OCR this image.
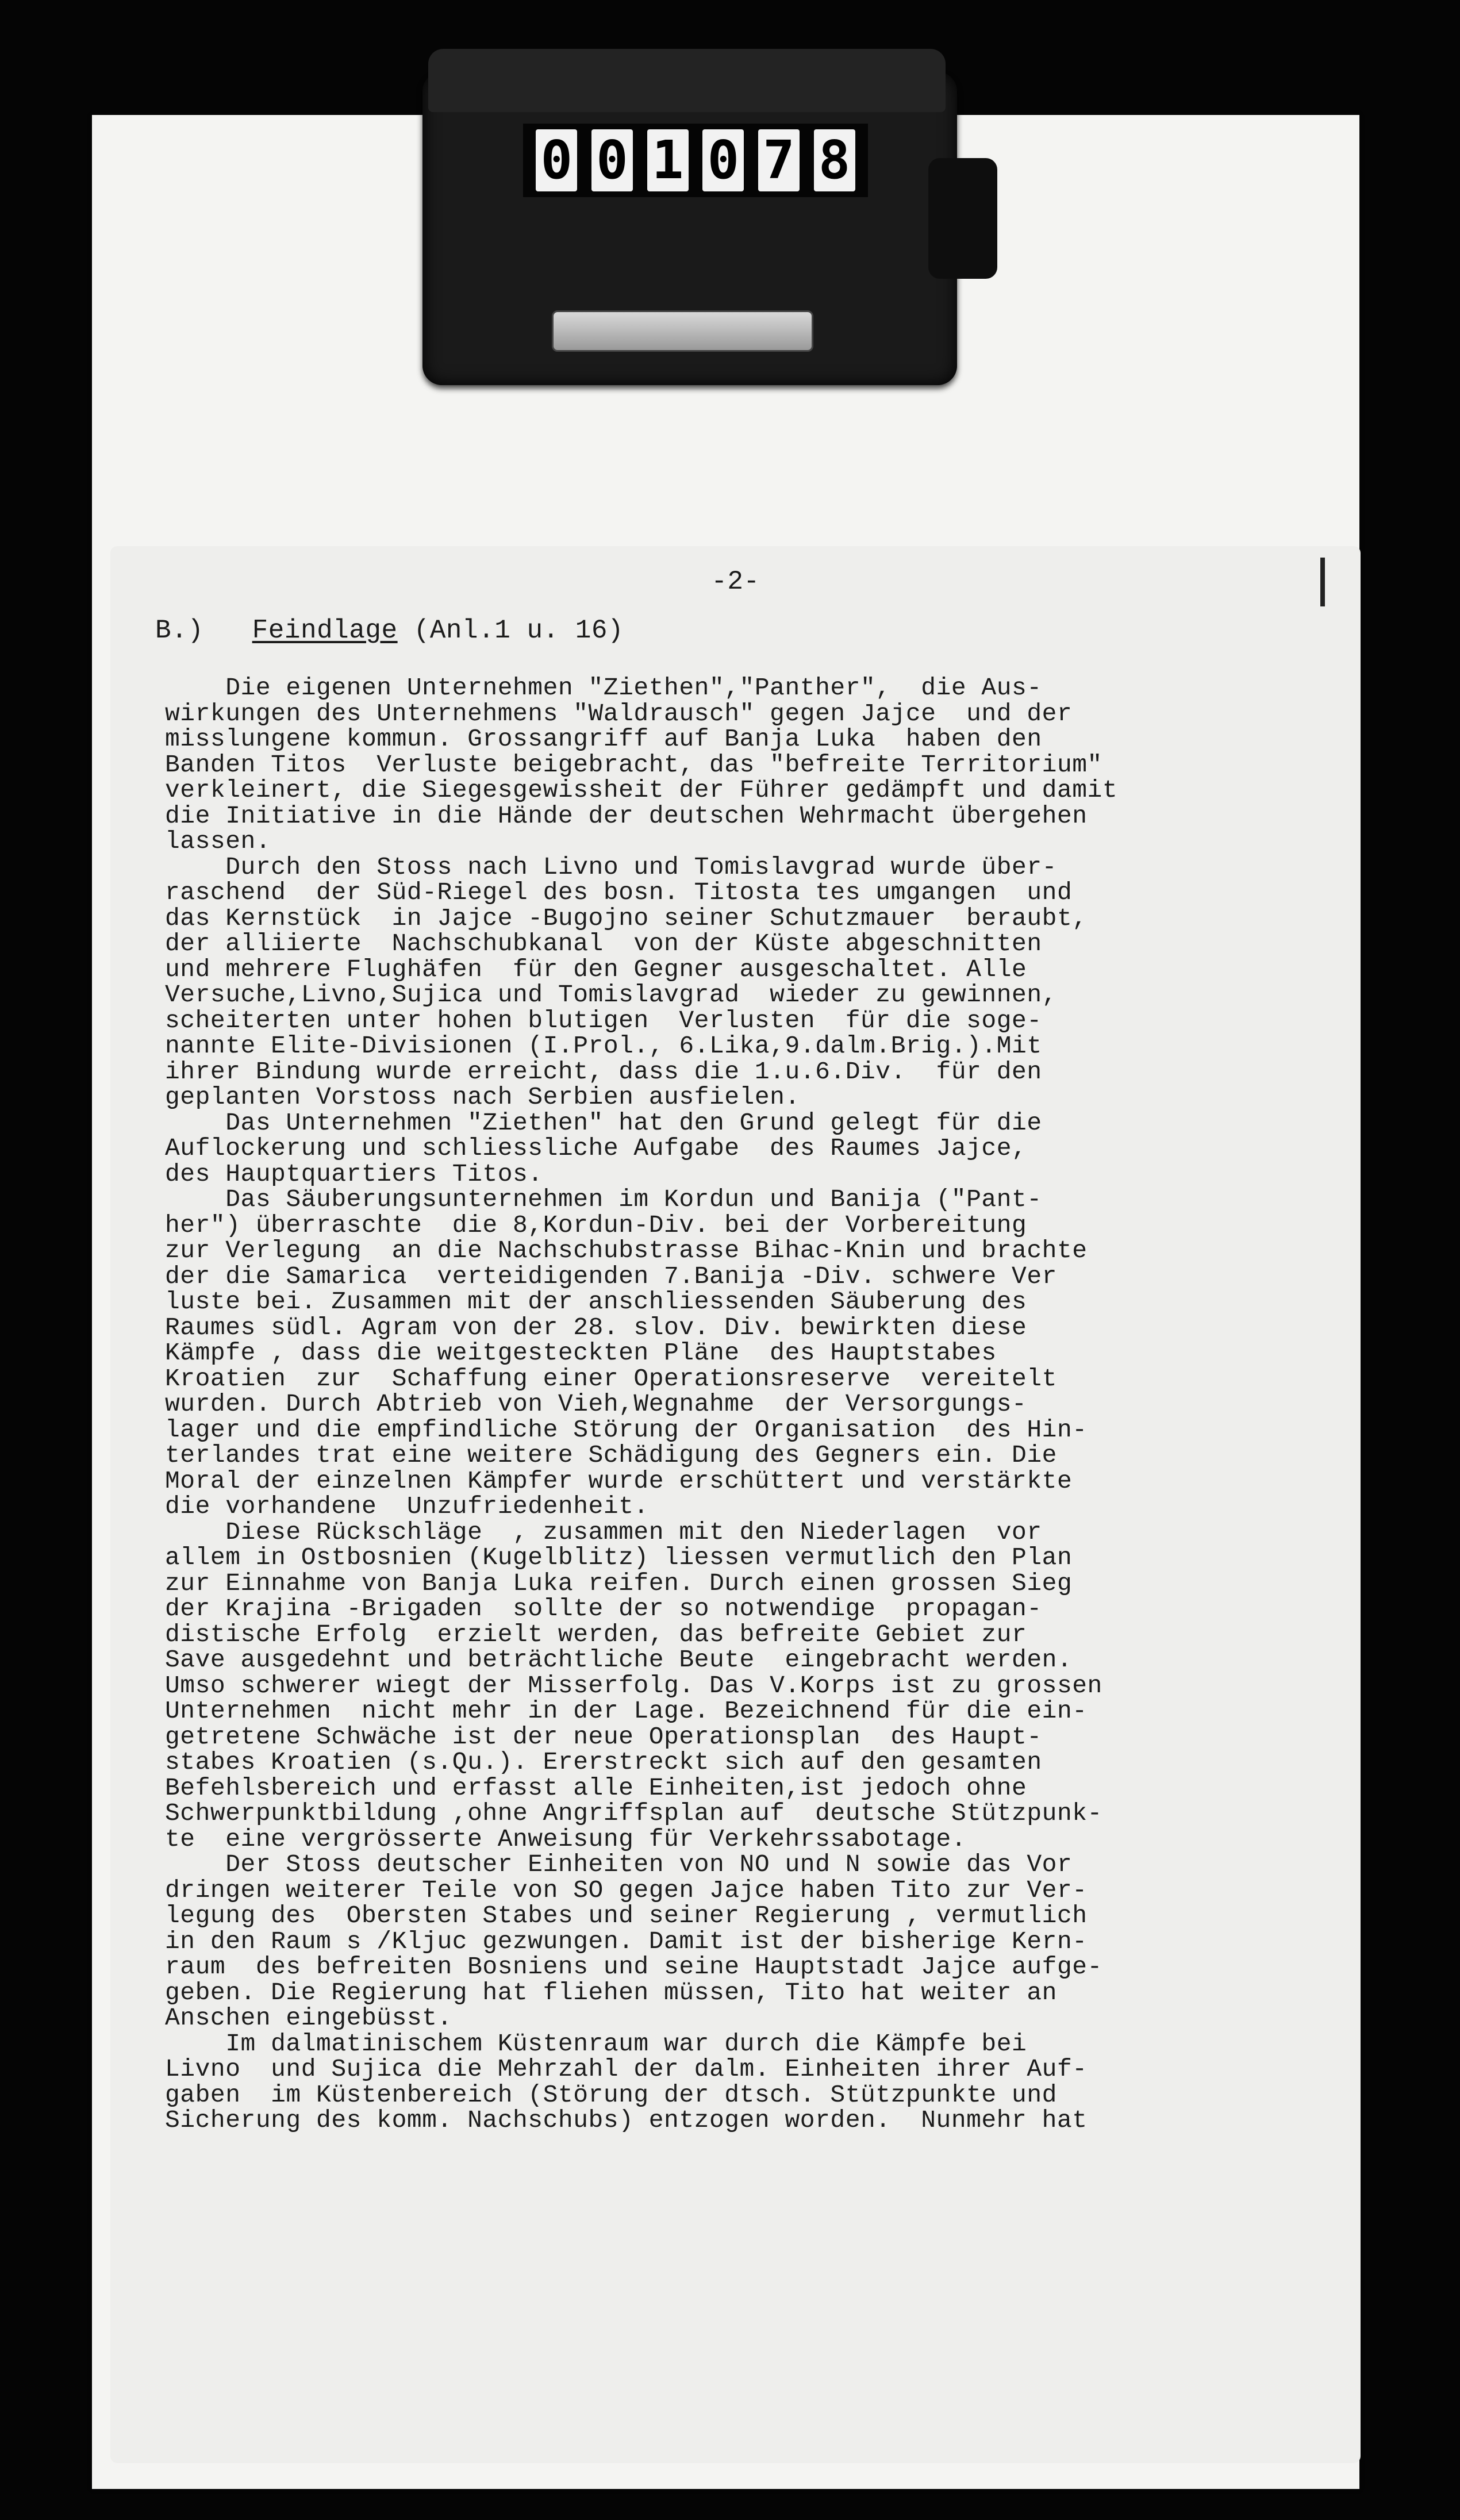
0 0 1 0 7 8
-2-
B.) Feindlage (Anl.1 u. 16)
Die eigenen Unternehmen "Ziethen","Panther",  die Aus-
wirkungen des Unternehmens "Waldrausch" gegen Jajce  und der
misslungene kommun. Grossangriff auf Banja Luka  haben den
Banden Titos  Verluste beigebracht, das "befreite Territorium"
verkleinert, die Siegesgewissheit der Führer gedämpft und damit
die Initiative in die Hände der deutschen Wehrmacht übergehen
lassen.
Durch den Stoss nach Livno und Tomislavgrad wurde über-
raschend  der Süd-Riegel des bosn. Titosta tes umgangen  und
das Kernstück  in Jajce -Bugojno seiner Schutzmauer  beraubt,
der alliierte  Nachschubkanal  von der Küste abgeschnitten
und mehrere Flughäfen  für den Gegner ausgeschaltet. Alle
Versuche,Livno,Sujica und Tomislavgrad  wieder zu gewinnen,
scheiterten unter hohen blutigen  Verlusten  für die soge-
nannte Elite-Divisionen (I.Prol., 6.Lika,9.dalm.Brig.).Mit
ihrer Bindung wurde erreicht, dass die 1.u.6.Div.  für den
geplanten Vorstoss nach Serbien ausfielen.
Das Unternehmen "Ziethen" hat den Grund gelegt für die
Auflockerung und schliessliche Aufgabe  des Raumes Jajce,
des Hauptquartiers Titos.
Das Säuberungsunternehmen im Kordun und Banija ("Pant-
her") überraschte  die 8,Kordun-Div. bei der Vorbereitung
zur Verlegung  an die Nachschubstrasse Bihac-Knin und brachte
der die Samarica  verteidigenden 7.Banija -Div. schwere Ver
luste bei. Zusammen mit der anschliessenden Säuberung des
Raumes südl. Agram von der 28. slov. Div. bewirkten diese
Kämpfe , dass die weitgesteckten Pläne  des Hauptstabes
Kroatien  zur  Schaffung einer Operationsreserve  vereitelt
wurden. Durch Abtrieb von Vieh,Wegnahme  der Versorgungs-
lager und die empfindliche Störung der Organisation  des Hin-
terlandes trat eine weitere Schädigung des Gegners ein. Die
Moral der einzelnen Kämpfer wurde erschüttert und verstärkte
die vorhandene  Unzufriedenheit.
Diese Rückschläge  , zusammen mit den Niederlagen  vor
allem in Ostbosnien (Kugelblitz) liessen vermutlich den Plan
zur Einnahme von Banja Luka reifen. Durch einen grossen Sieg
der Krajina -Brigaden  sollte der so notwendige  propagan-
distische Erfolg  erzielt werden, das befreite Gebiet zur
Save ausgedehnt und beträchtliche Beute  eingebracht werden.
Umso schwerer wiegt der Misserfolg. Das V.Korps ist zu grossen
Unternehmen  nicht mehr in der Lage. Bezeichnend für die ein-
getretene Schwäche ist der neue Operationsplan  des Haupt-
stabes Kroatien (s.Qu.). Ererstreckt sich auf den gesamten
Befehlsbereich und erfasst alle Einheiten,ist jedoch ohne
Schwerpunktbildung ,ohne Angriffsplan auf  deutsche Stützpunk-
te  eine vergrösserte Anweisung für Verkehrssabotage.
Der Stoss deutscher Einheiten von NO und N sowie das Vor
dringen weiterer Teile von SO gegen Jajce haben Tito zur Ver-
legung des  Obersten Stabes und seiner Regierung , vermutlich
in den Raum s /Kljuc gezwungen. Damit ist der bisherige Kern-
raum  des befreiten Bosniens und seine Hauptstadt Jajce aufge-
geben. Die Regierung hat fliehen müssen, Tito hat weiter an
Anschen eingebüsst.
Im dalmatinischem Küstenraum war durch die Kämpfe bei
Livno  und Sujica die Mehrzahl der dalm. Einheiten ihrer Auf-
gaben  im Küstenbereich (Störung der dtsch. Stützpunkte und
Sicherung des komm. Nachschubs) entzogen worden.  Nunmehr hat
